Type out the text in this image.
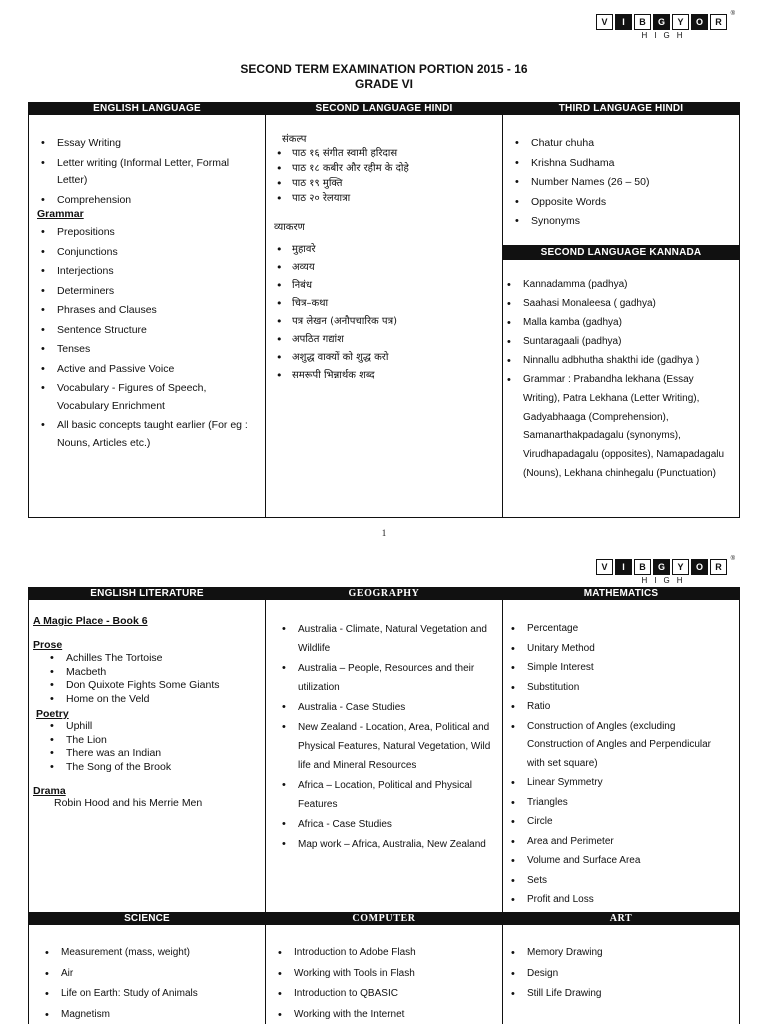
V	I	B	G	Y	O	R
®
HIGH
SECOND TERM EXAMINATION PORTION 2015 - 16
GRADE VI
ENGLISH LANGUAGE
• Essay Writing
• Letter writing (Informal Letter, Formal Letter)
• Comprehension
Grammar
• Prepositions
• Conjunctions
• Interjections
• Determiners
• Phrases and Clauses
• Sentence Structure
• Tenses
• Active and Passive Voice
• Vocabulary - Figures of Speech, Vocabulary Enrichment
• All basic concepts taught earlier (For eg : Nouns, Articles etc.)
SECOND LANGUAGE HINDI
संकल्प
• पाठ १६ संगीत स्वामी हरिदास
• पाठ १८ कबीर और रहीम के दोहे
• पाठ १९ मुक्ति
• पाठ २० रेलयात्रा
व्याकरण
• मुहावरे
• अव्यय
• निबंध
• चित्र–कथा
• पत्र लेखन (अनौपचारिक पत्र)
• अपठित गद्यांश
• अशुद्ध वाक्यों को शुद्ध करो
• समरूपी भिन्नार्थक शब्द
THIRD LANGUAGE HINDI
• Chatur chuha
• Krishna Sudhama
• Number Names (26 – 50)
• Opposite Words
• Synonyms
SECOND LANGUAGE KANNADA
• Kannadamma (padhya)
• Saahasi Monaleesa ( gadhya)
• Malla kamba (gadhya)
• Suntaragaali (padhya)
• Ninnallu adbhutha shakthi ide (gadhya )
• Grammar : Prabandha lekhana (Essay Writing), Patra Lekhana (Letter Writing), Gadyabhaaga (Comprehension), Samanarthakpadagalu (synonyms), Virudhapadagalu (opposites), Namapadagalu (Nouns), Lekhana chinhegalu (Punctuation)
1
V	I	B	G	Y	O	R
®
HIGH
ENGLISH LITERATURE
A Magic Place - Book 6
Prose
• Achilles The Tortoise
• Macbeth
• Don Quixote Fights Some Giants
• Home on the Veld
Poetry
• Uphill
• The Lion
• There was an Indian
• The Song of the Brook
Drama
Robin Hood and his Merrie Men
GEOGRAPHY
• Australia - Climate, Natural Vegetation and Wildlife
• Australia – People, Resources and their utilization
• Australia - Case Studies
• New Zealand - Location, Area, Political and Physical Features, Natural Vegetation, Wild life and Mineral Resources
• Africa – Location, Political and Physical Features
• Africa - Case Studies
• Map work – Africa, Australia, New Zealand
MATHEMATICS
• Percentage
• Unitary Method
• Simple Interest
• Substitution
• Ratio
• Construction of Angles (excluding Construction of Angles and Perpendicular with set square)
• Linear Symmetry
• Triangles
• Circle
• Area and Perimeter
• Volume and Surface Area
• Sets
• Profit and Loss
SCIENCE
• Measurement (mass, weight)
• Air
• Life on Earth: Study of Animals
• Magnetism
COMPUTER
• Introduction to Adobe Flash
• Working with Tools in Flash
• Introduction to QBASIC
• Working with the Internet
ART
• Memory Drawing
• Design
• Still Life Drawing
